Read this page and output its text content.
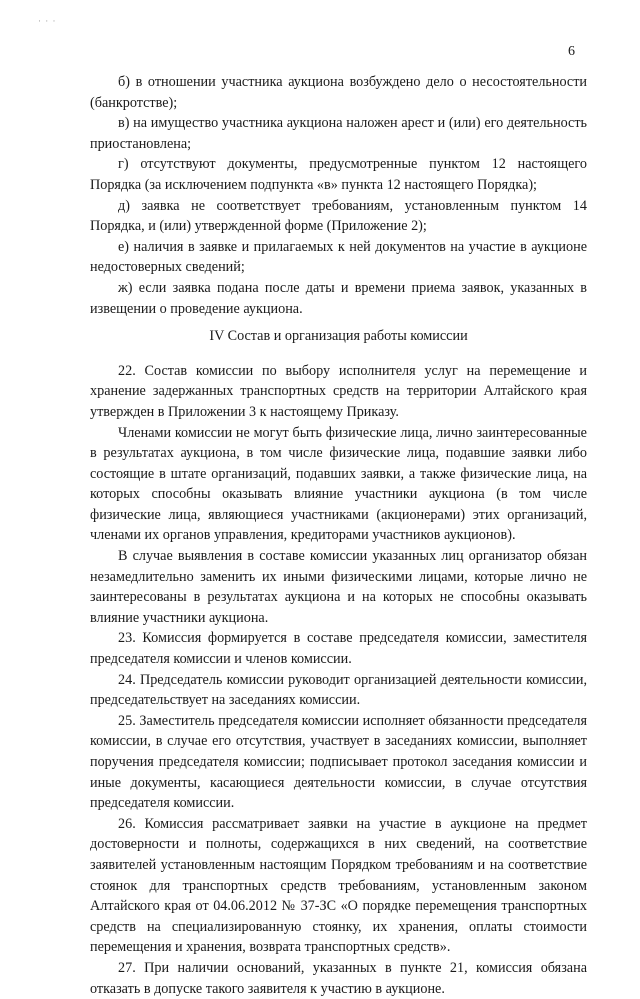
· · ·
6

б) в отношении участника аукциона возбуждено дело о несостоятельности (банкротстве);

в) на имущество участника аукциона наложен арест и (или) его деятельность приостановлена;

г) отсутствуют документы, предусмотренные пунктом 12 настоящего Порядка (за исключением подпункта «в» пункта 12 настоящего Порядка);

д) заявка не соответствует требованиям, установленным пунктом 14 Порядка, и (или) утвержденной форме (Приложение 2);

е) наличия в заявке и прилагаемых к ней документов на участие в аукционе недостоверных сведений;

ж) если заявка подана после даты и времени приема заявок, указанных в извещении о проведение аукциона.

IV Состав и организация работы комиссии

22. Состав комиссии по выбору исполнителя услуг на перемещение и хранение задержанных транспортных средств на территории Алтайского края утвержден в Приложении 3 к настоящему Приказу.

Членами комиссии не могут быть физические лица, лично заинтересованные в результатах аукциона, в том числе физические лица, подавшие заявки либо состоящие в штате организаций, подавших заявки, а также физические лица, на которых способны оказывать влияние участники аукциона (в том числе физические лица, являющиеся участниками (акционерами) этих организаций, членами их органов управления, кредиторами участников аукционов).

В случае выявления в составе комиссии указанных лиц организатор обязан незамедлительно заменить их иными физическими лицами, которые лично не заинтересованы в результатах аукциона и на которых не способны оказывать влияние участники аукциона.

23. Комиссия формируется в составе председателя комиссии, заместителя председателя комиссии и членов комиссии.

24. Председатель комиссии руководит организацией деятельности комиссии, председательствует на заседаниях комиссии.

25. Заместитель председателя комиссии исполняет обязанности председателя комиссии, в случае его отсутствия, участвует в заседаниях комиссии, выполняет поручения председателя комиссии; подписывает протокол заседания комиссии и иные документы, касающиеся деятельности комиссии, в случае отсутствия председателя комиссии.

26. Комиссия рассматривает заявки на участие в аукционе на предмет достоверности и полноты, содержащихся в них сведений, на соответствие заявителей установленным настоящим Порядком требованиям и на соответствие стоянок для транспортных средств требованиям, установленным законом Алтайского края от 04.06.2012 № 37-ЗС «О порядке перемещения транспортных средств на специализированную стоянку, их хранения, оплаты стоимости перемещения и хранения, возврата транспортных средств».

27. При наличии оснований, указанных в пункте 21, комиссия обязана отказать в допуске такого заявителя к участию в аукционе.
